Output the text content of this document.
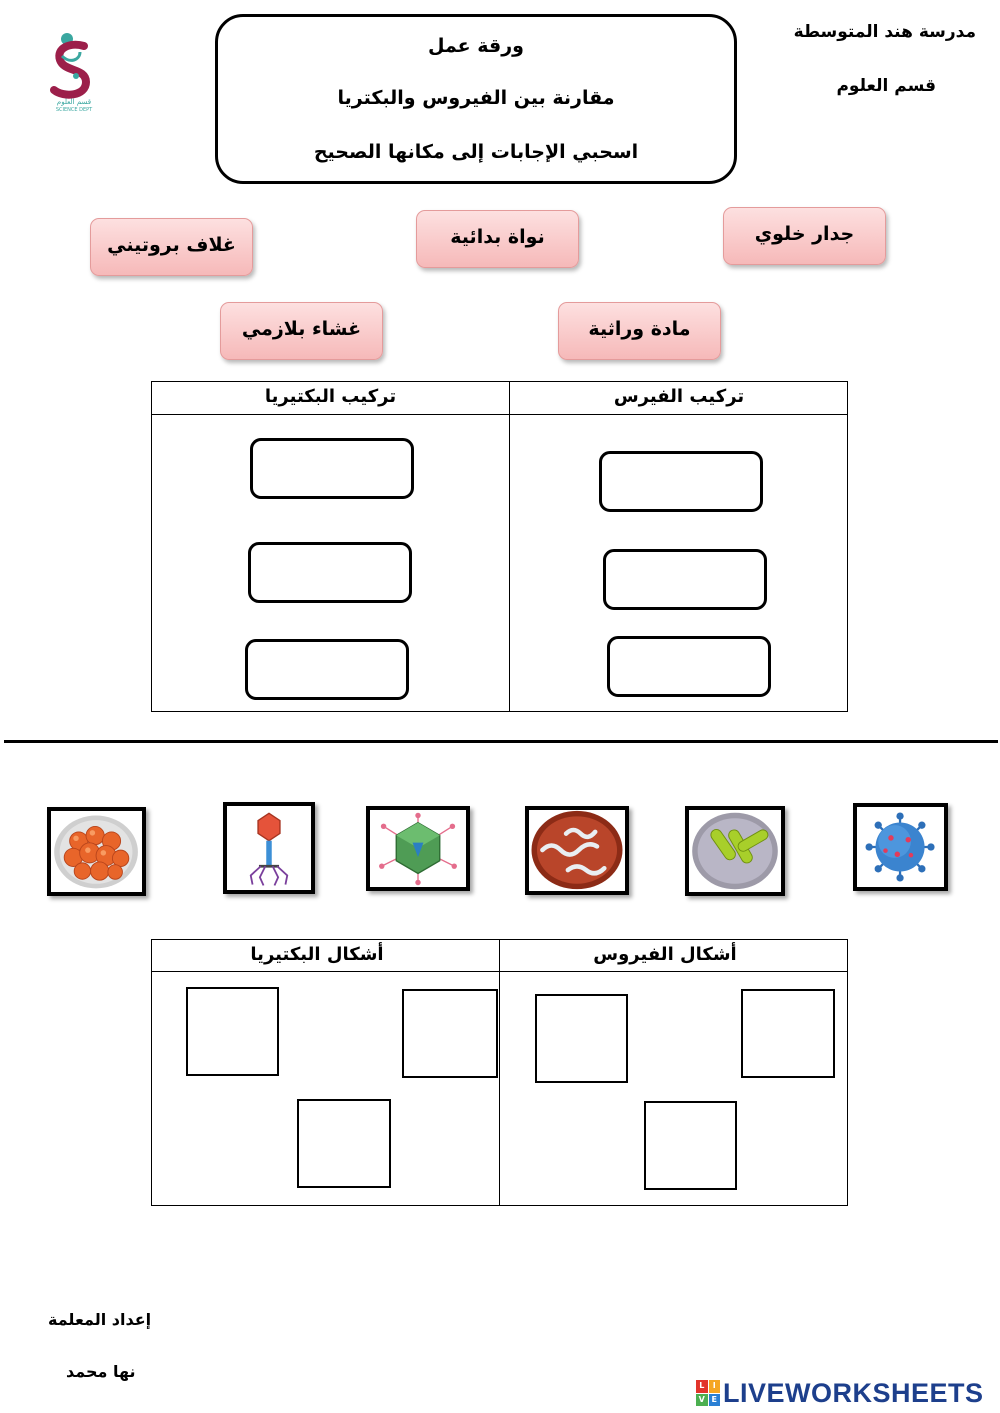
مدرسة هند المتوسطة
قسم العلوم
قسم العلوم
SCIENCE DEPT
ورقة عمل
مقارنة بين الفيروس والبكتريا
اسحبي الإجابات إلى مكانها الصحيح
غلاف بروتيني	نواة بدائية	جدار خلوي
غشاء بلازمي	مادة وراثية
تركيب البكتيريا	تركيب الفيرس
أشكال البكتيريا	أشكال الفيروس
إعداد المعلمة
نها محمد
L	I
V E LIVEWORKSHEETS
